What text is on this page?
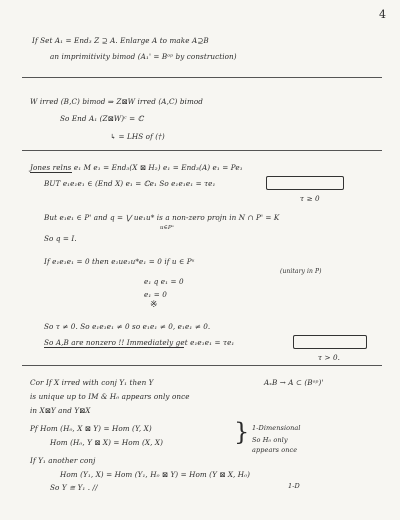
4
If Set A₁ = End₃ Z ⊇ A. Enlarge A to make A⊇B
an imprimitivity bimod (A₁' = Bᵒᵖ by construction)
W irred (B,C) bimod ⇒ Z⊠W irred (A,C) bimod
So End A₁ (Z⊠W)ᶜ = ℂ
↳ = LHS of (†)
Jones relns e₁ M e₁ = End₃(X ⊠ H₂) e₁ = End₃(A) e₁ = Pe₁
BUT e₁e₁e₁ ∈ (End X) e₁ = ℂe₁ So e₁e₁e₁ = τe₁
τ ≥ 0
But e₁e₁ ∈ P' and q = ⋁ ue₁u* is a non-zero projn in N ∩ P' = K
u∈Pᵘ
So q = I.
If e₁e₁e₁ = 0 then e₁ue₁u*e₁ = 0 if u ∈ Pᵘ
(unitary in P)
e₁ q e₁ = 0
e₁ = 0
※
So τ ≠ 0. So e₁e₁e₁ ≠ 0 so e₁e₁ ≠ 0, e₁e₁ ≠ 0.
So A,B are nonzero !! Immediately get e₁e₁e₁ = τe₁
τ > 0.
Cor If X irred with conj Y₁ then Y	AₓB → A ⊂ (Bᵒᵖ)'
is unique up to IM & H₀ appears only once
in X⊠Y and Y⊠X
Pf Hom (H₀, X ⊠ Y) = Hom (Y, X)
Hom (H₀, Y ⊠ X) = Hom (X, X)	} 1-Dimensional
So H₀ only
appears once
If Y₁ another conj
Hom (Y₁, X) = Hom (Y₁, H₀ ⊠ Y) = Hom (Y ⊠ X, H₀)
1-D
So Y ≅ Y₁ . //
